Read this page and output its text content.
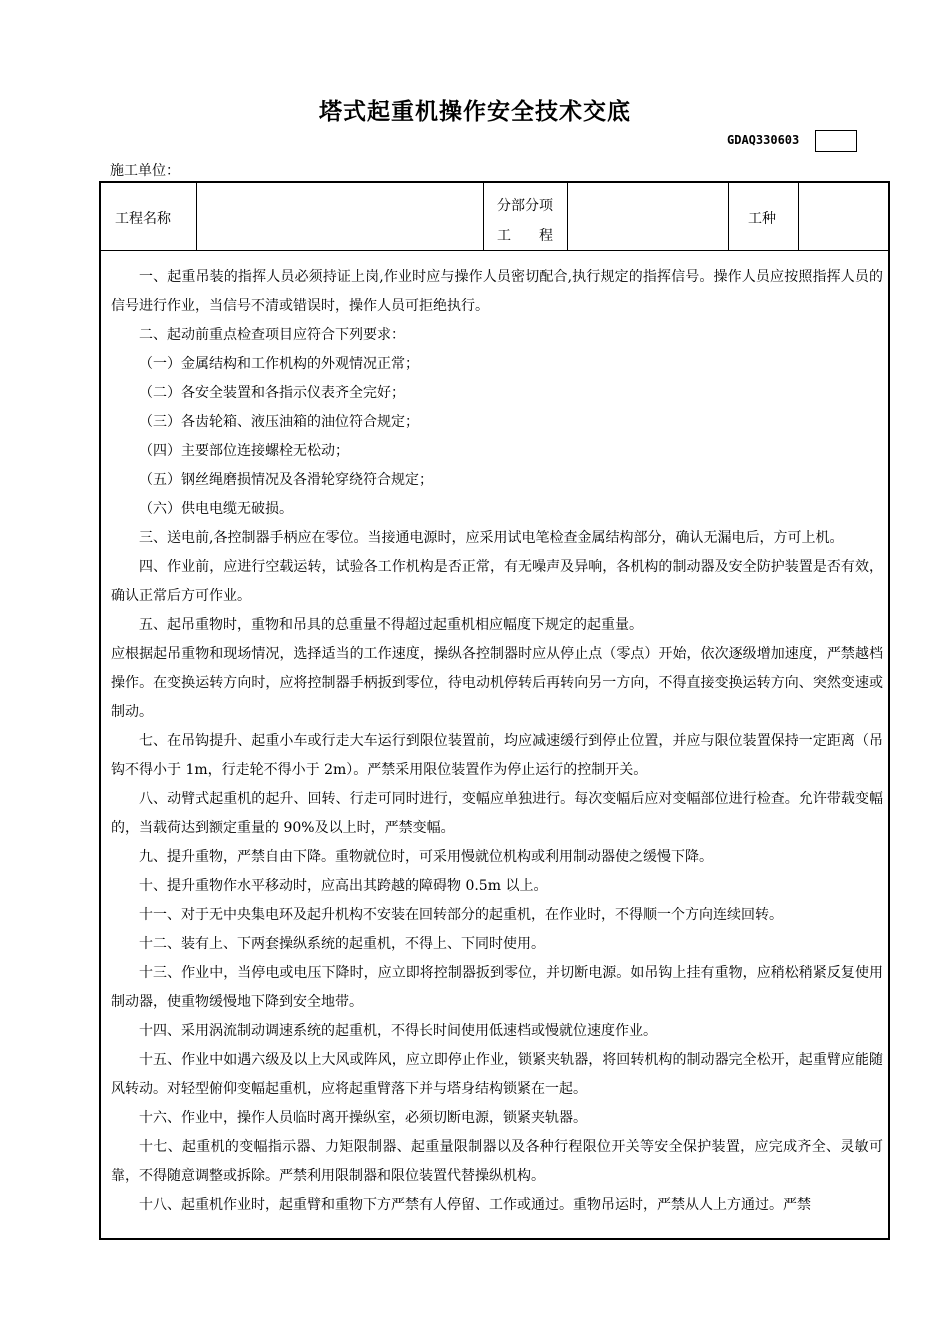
塔式起重机操作安全技术交底
GDAQ330603
施工单位：
工程名称
分部分项
工　　程
工种

一、起重吊装的指挥人员必须持证上岗,作业时应与操作人员密切配合,执行规定的指挥信号。操作人员应按照指挥人员的信号进行作业，当信号不清或错误时，操作人员可拒绝执行。

二、起动前重点检查项目应符合下列要求：

（一）金属结构和工作机构的外观情况正常；

（二）各安全装置和各指示仪表齐全完好；

（三）各齿轮箱、液压油箱的油位符合规定；

（四）主要部位连接螺栓无松动；

（五）钢丝绳磨损情况及各滑轮穿绕符合规定；

（六）供电电缆无破损。

三、送电前,各控制器手柄应在零位。当接通电源时，应采用试电笔检查金属结构部分，确认无漏电后，方可上机。

四、作业前，应进行空载运转，试验各工作机构是否正常，有无噪声及异响，各机构的制动器及安全防护装置是否有效，确认正常后方可作业。

五、起吊重物时，重物和吊具的总重量不得超过起重机相应幅度下规定的起重量。

应根据起吊重物和现场情况，选择适当的工作速度，操纵各控制器时应从停止点（零点）开始，依次逐级增加速度，严禁越档操作。在变换运转方向时，应将控制器手柄扳到零位，待电动机停转后再转向另一方向，不得直接变换运转方向、突然变速或制动。

七、在吊钩提升、起重小车或行走大车运行到限位装置前，均应减速缓行到停止位置，并应与限位装置保持一定距离（吊钩不得小于 1m，行走轮不得小于 2m）。严禁采用限位装置作为停止运行的控制开关。

八、动臂式起重机的起升、回转、行走可同时进行，变幅应单独进行。每次变幅后应对变幅部位进行检查。允许带载变幅的，当载荷达到额定重量的 90%及以上时，严禁变幅。

九、提升重物，严禁自由下降。重物就位时，可采用慢就位机构或利用制动器使之缓慢下降。

十、提升重物作水平移动时，应高出其跨越的障碍物 0.5m 以上。

十一、对于无中央集电环及起升机构不安装在回转部分的起重机，在作业时，不得顺一个方向连续回转。

十二、装有上、下两套操纵系统的起重机，不得上、下同时使用。

十三、作业中，当停电或电压下降时，应立即将控制器扳到零位，并切断电源。如吊钩上挂有重物，应稍松稍紧反复使用制动器，使重物缓慢地下降到安全地带。

十四、采用涡流制动调速系统的起重机，不得长时间使用低速档或慢就位速度作业。

十五、作业中如遇六级及以上大风或阵风，应立即停止作业，锁紧夹轨器，将回转机构的制动器完全松开，起重臂应能随风转动。对轻型俯仰变幅起重机，应将起重臂落下并与塔身结构锁紧在一起。

十六、作业中，操作人员临时离开操纵室，必须切断电源，锁紧夹轨器。

十七、起重机的变幅指示器、力矩限制器、起重量限制器以及各种行程限位开关等安全保护装置，应完成齐全、灵敏可靠，不得随意调整或拆除。严禁利用限制器和限位装置代替操纵机构。

十八、起重机作业时，起重臂和重物下方严禁有人停留、工作或通过。重物吊运时，严禁从人上方通过。严禁
